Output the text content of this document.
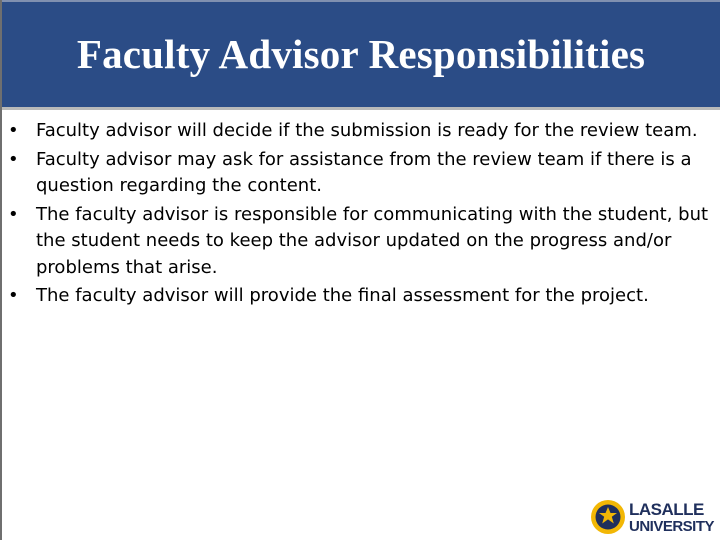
Faculty Advisor Responsibilities
• Faculty advisor will decide if the submission is ready for the review team.
• Faculty advisor may ask for assistance from the review team if there is a question regarding the content.
• The faculty advisor is responsible for communicating with the student, but the student needs to keep the advisor updated on the progress and/or problems that arise.
• The faculty advisor will provide the final assessment for the project.
LASALLE
UNIVERSITY
